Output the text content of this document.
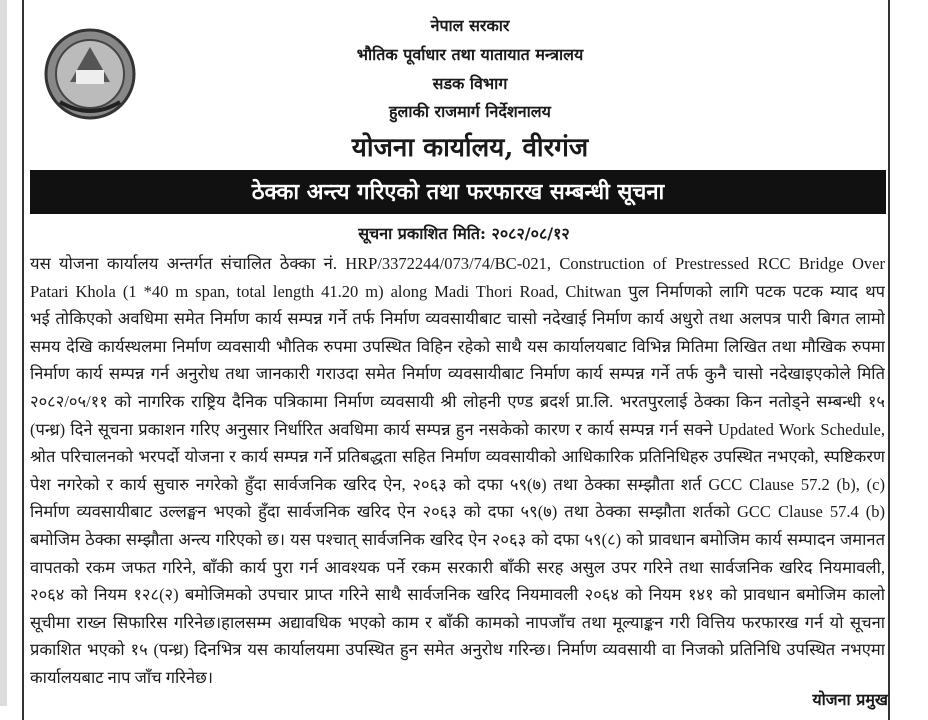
नेपाल सरकार
भौतिक पूर्वाधार तथा यातायात मन्त्रालय
सडक विभाग
हुलाकी राजमार्ग निर्देशनालय
योजना कार्यालय, वीरगंज
ठेक्का अन्त्य गरिएको तथा फरफारख सम्बन्धी सूचना
सूचना प्रकाशित मिति: २०८२/०८/१२
यस योजना कार्यालय अन्तर्गत संचालित ठेक्का नं. HRP/3372244/073/74/BC-021, Construction of Prestressed RCC Bridge Over
Patari Khola (1 *40 m span, total length 41.20 m) along Madi Thori Road, Chitwan पुल निर्माणको लागि पटक पटक म्याद थप
भई तोकिएको अवधिमा समेत निर्माण कार्य सम्पन्न गर्ने तर्फ निर्माण व्यवसायीबाट चासो नदेखाई निर्माण कार्य अधुरो तथा अलपत्र पारी बिगत लामो
समय देखि कार्यस्थलमा निर्माण व्यवसायी भौतिक रुपमा उपस्थित विहिन रहेको साथै यस कार्यालयबाट विभिन्न मितिमा लिखित तथा मौखिक रुपमा
निर्माण कार्य सम्पन्न गर्न अनुरोध तथा जानकारी गराउदा समेत निर्माण व्यवसायीबाट निर्माण कार्य सम्पन्न गर्ने तर्फ कुनै चासो नदेखाइएकोले मिति
२०८२/०५/११ को नागरिक राष्ट्रिय दैनिक पत्रिकामा निर्माण व्यवसायी श्री लोहनी एण्ड ब्रदर्श प्रा.लि. भरतपुरलाई ठेक्का किन नतोड्ने सम्बन्धी १५
(पन्ध्र) दिने सूचना प्रकाशन गरिए अनुसार निर्धारित अवधिमा कार्य सम्पन्न हुन नसकेको कारण र कार्य सम्पन्न गर्न सक्ने Updated Work Schedule,
श्रोत परिचालनको भरपर्दो योजना र कार्य सम्पन्न गर्ने प्रतिबद्धता सहित निर्माण व्यवसायीको आधिकारिक प्रतिनिधिहरु उपस्थित नभएको, स्पष्टिकरण
पेश नगरेको र कार्य सुचारु नगरेको हुँदा सार्वजनिक खरिद ऐन, २०६३ को दफा ५९(७) तथा ठेक्का सम्झौता शर्त GCC Clause 57.2 (b), (c)
निर्माण व्यवसायीबाट उल्लङ्घन भएको हुँदा सार्वजनिक खरिद ऐन २०६३ को दफा ५९(७) तथा ठेक्का सम्झौता शर्तको GCC Clause 57.4 (b)
बमोजिम ठेक्का सम्झौता अन्त्य गरिएको छ। यस पश्चात् सार्वजनिक खरिद ऐन २०६३ को दफा ५९(८) को प्रावधान बमोजिम कार्य सम्पादन जमानत
वापतको रकम जफत गरिने, बाँकी कार्य पुरा गर्न आवश्यक पर्ने रकम सरकारी बाँकी सरह असुल उपर गरिने तथा सार्वजनिक खरिद नियमावली,
२०६४ को नियम १२८(२) बमोजिमको उपचार प्राप्त गरिने साथै सार्वजनिक खरिद नियमावली २०६४ को नियम १४१ को प्रावधान बमोजिम कालो
सूचीमा राख्न सिफारिस गरिनेछ।हालसम्म अद्यावधिक भएको काम र बाँकी कामको नापजाँच तथा मूल्याङ्कन गरी वित्तिय फरफारख गर्न यो सूचना
प्रकाशित भएको १५ (पन्ध्र) दिनभित्र यस कार्यालयमा उपस्थित हुन समेत अनुरोध गरिन्छ। निर्माण व्यवसायी वा निजको प्रतिनिधि उपस्थित नभएमा
कार्यालयबाट नाप जाँच गरिनेछ।
योजना प्रमुख
